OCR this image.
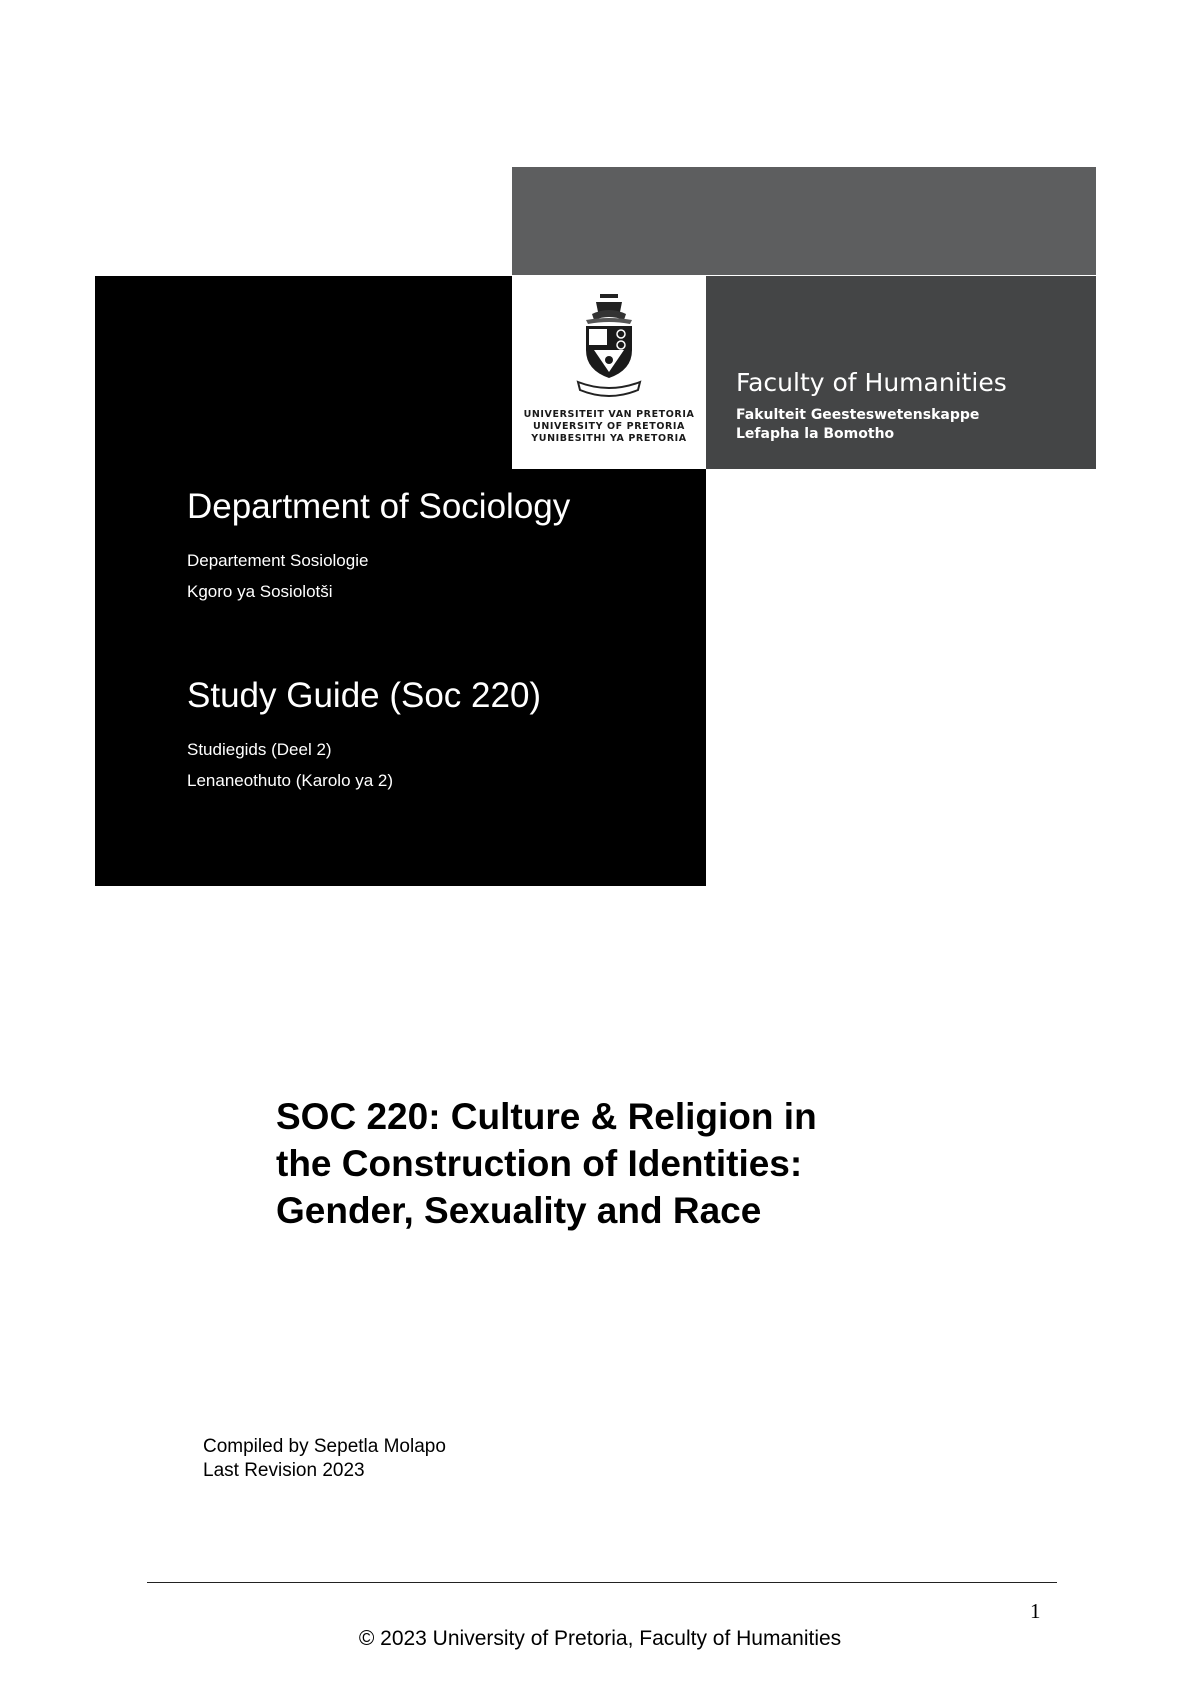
UNIVERSITEIT VAN PRETORIA
UNIVERSITY OF PRETORIA
YUNIBESITHI YA PRETORIA
Faculty of Humanities
Fakulteit Geesteswetenskappe
Lefapha la Bomotho
Department of Sociology
Departement Sosiologie
Kgoro ya Sosiolotši
Study Guide (Soc 220)
Studiegids (Deel 2)
Lenaneothuto (Karolo ya 2)
SOC 220: Culture & Religion in
the Construction of Identities:
Gender, Sexuality and Race
Compiled by Sepetla Molapo
Last Revision 2023
1
© 2023 University of Pretoria, Faculty of Humanities
